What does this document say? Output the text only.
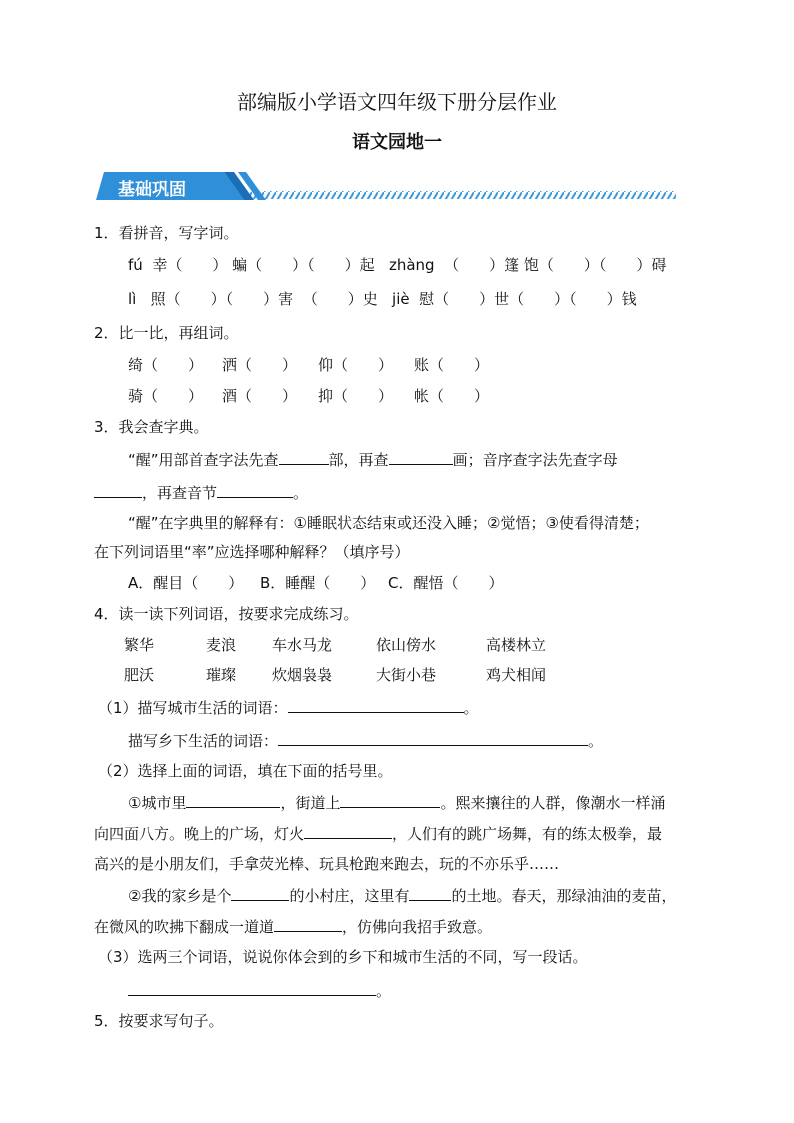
部编版小学语文四年级下册分层作业
语文园地一
基础巩固
1．看拼音，写字词。
fú 幸（　　） 蝙（　　）（　　）起 zhàng （　　）篷 饱（　　）（　　）碍
lì 照（　　）（　　）害 （　　）史 jiè 慰（　　）世（　　）（　　）钱
2．比一比，再组词。
绮（　　） 洒（　　） 仰（　　） 账（　　）
骑（　　） 酒（　　） 抑（　　） 帐（　　）
3．我会查字典。
“醒”用部首查字法先查	部，再查	画；音序查字法先查字母
，再查音节	。
“醒”在字典里的解释有：①睡眠状态结束或还没入睡；②觉悟；③使看得清楚；
在下列词语里“率”应选择哪种解释？（填序号）
A．醒目（　　） B．睡醒（　　） C．醒悟（　　）
4．读一读下列词语，按要求完成练习。
繁华	麦浪 车水马龙	依山傍水	高楼林立
肥沃	璀璨 炊烟袅袅	大街小巷	鸡犬相闻
（1）描写城市生活的词语：	。
描写乡下生活的词语：	。
（2）选择上面的词语，填在下面的括号里。
①城市里	，街道上	。熙来攘往的人群，像潮水一样涌
向四面八方。晚上的广场，灯火	，人们有的跳广场舞，有的练太极拳，最
高兴的是小朋友们，手拿荧光棒、玩具枪跑来跑去，玩的不亦乐乎……
②我的家乡是个	的小村庄，这里有	的土地。春天，那绿油油的麦苗，
在微风的吹拂下翻成一道道	，仿佛向我招手致意。
（3）选两三个词语，说说你体会到的乡下和城市生活的不同，写一段话。
。
5．按要求写句子。
